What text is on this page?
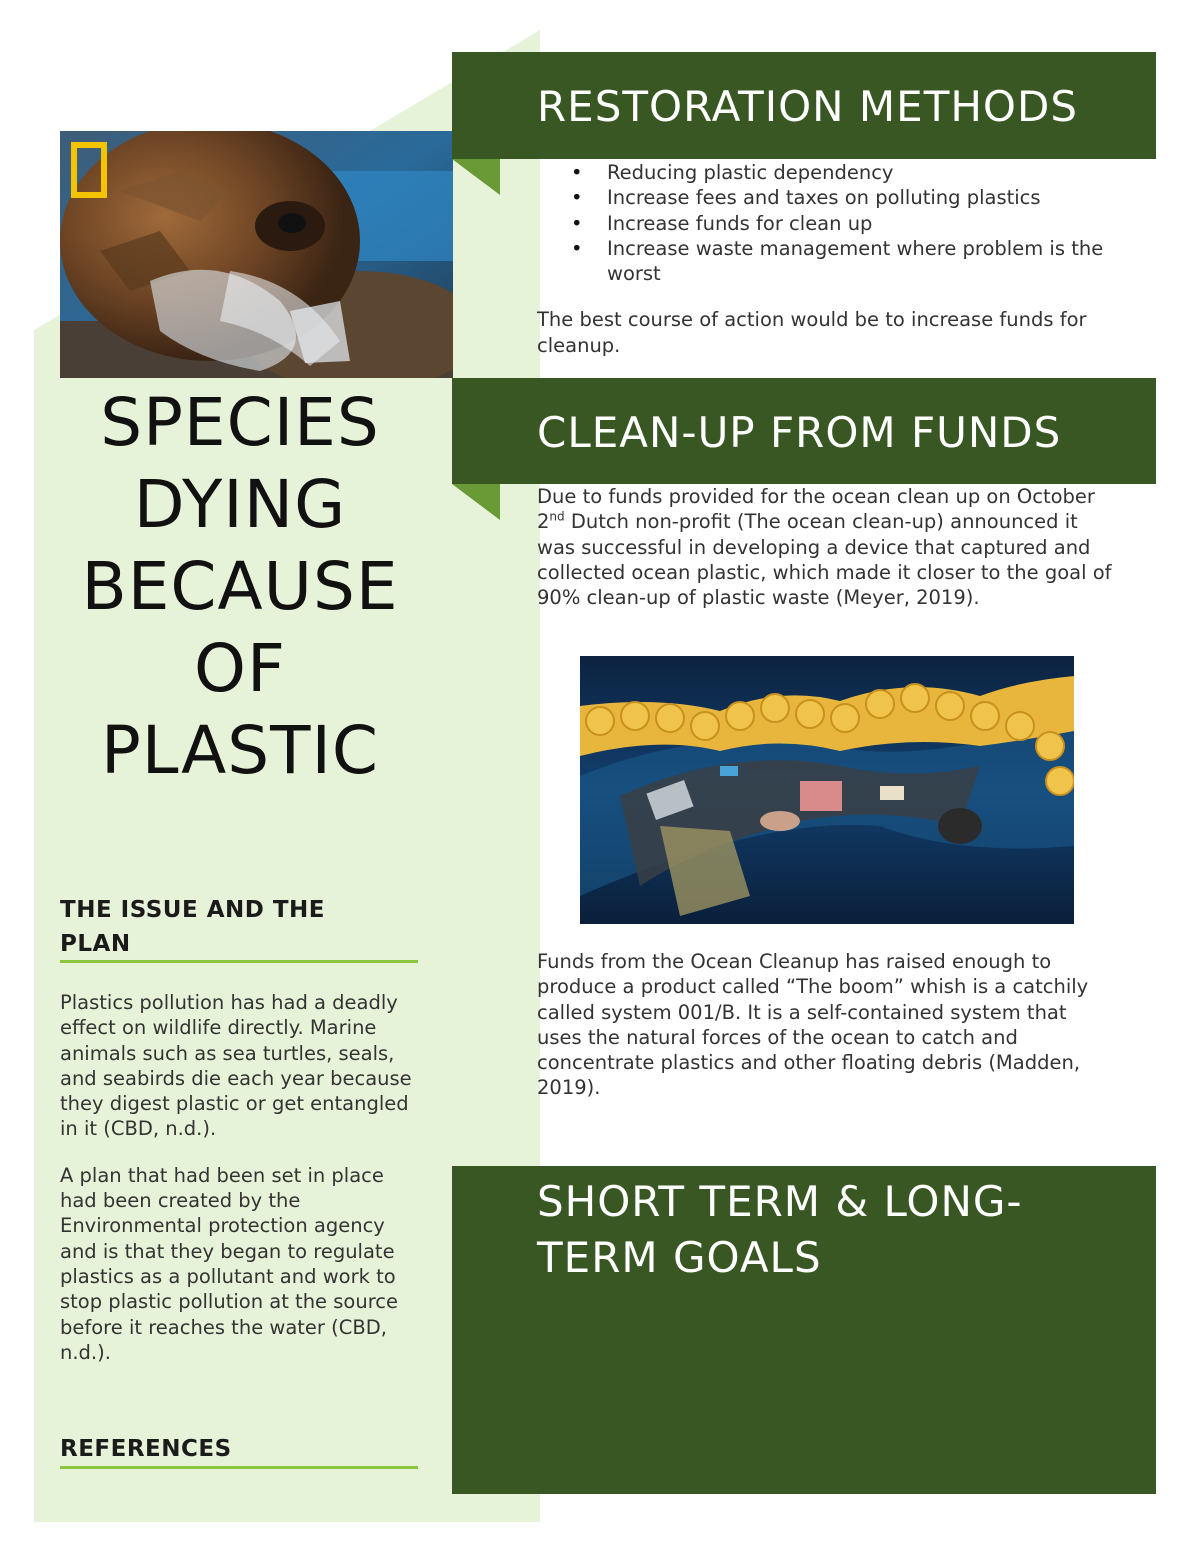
SPECIES
DYING
BECAUSE
OF
PLASTIC
THE ISSUE AND THE PLAN

Plastics pollution has had a deadly effect on wildlife directly. Marine animals such as sea turtles, seals, and seabirds die each year because they digest plastic or get entangled in it (CBD, n.d.).

A plan that had been set in place had been created by the Environmental protection agency and is that they began to regulate plastics as a pollutant and work to stop plastic pollution at the source before it reaches the water (CBD, n.d.).

REFERENCES
RESTORATION METHODS
• Reducing plastic dependency
• Increase fees and taxes on polluting plastics
• Increase funds for clean up
• Increase waste management where problem is the worst

The best course of action would be to increase funds for cleanup.

CLEAN-UP FROM FUNDS
Due to funds provided for the ocean clean up on October 2nd Dutch non-profit (The ocean clean-up) announced it was successful in developing a device that captured and collected ocean plastic, which made it closer to the goal of 90% clean-up of plastic waste (Meyer, 2019).
Funds from the Ocean Cleanup has raised enough to produce a product called “The boom” whish is a catchily called system 001/B. It is a self-contained system that uses the natural forces of the ocean to catch and concentrate plastics and other floating debris (Madden, 2019).
SHORT TERM & LONG-TERM GOALS
